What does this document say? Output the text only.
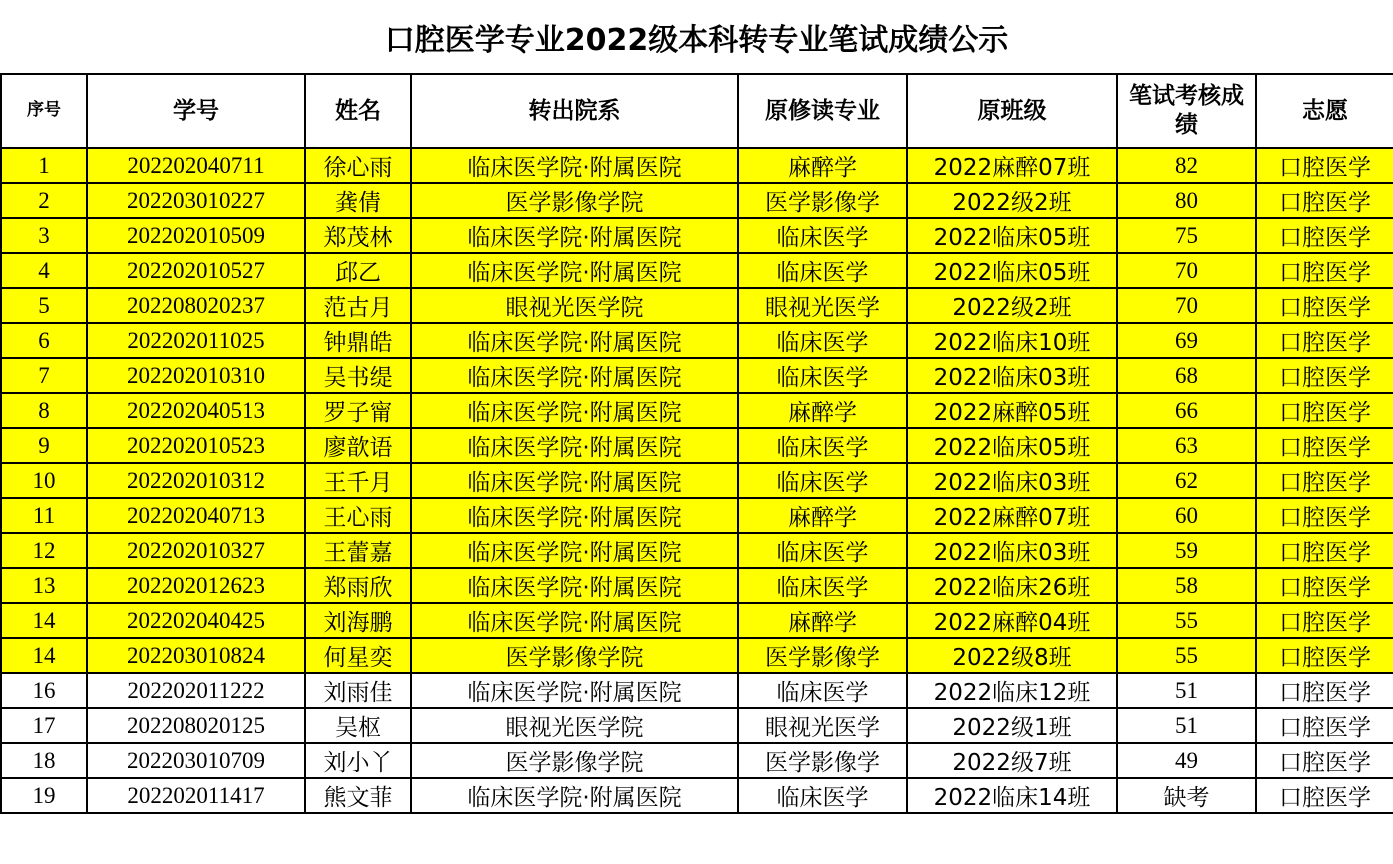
口腔医学专业2022级本科转专业笔试成绩公示
序号	学号	姓名	转出院系	原修读专业	原班级	笔试考核成绩	志愿
1	202202040711	徐心雨	临床医学院·附属医院	麻醉学	2022麻醉07班	82	口腔医学
2	202203010227	龚倩	医学影像学院	医学影像学	2022级2班	80	口腔医学
3	202202010509	郑茂林	临床医学院·附属医院	临床医学	2022临床05班	75	口腔医学
4	202202010527	邱乙	临床医学院·附属医院	临床医学	2022临床05班	70	口腔医学
5	202208020237	范古月	眼视光医学院	眼视光医学	2022级2班	70	口腔医学
6	202202011025	钟鼎皓	临床医学院·附属医院	临床医学	2022临床10班	69	口腔医学
7	202202010310	吴书缇	临床医学院·附属医院	临床医学	2022临床03班	68	口腔医学
8	202202040513	罗子甯	临床医学院·附属医院	麻醉学	2022麻醉05班	66	口腔医学
9	202202010523	廖歆语	临床医学院·附属医院	临床医学	2022临床05班	63	口腔医学
10	202202010312	王千月	临床医学院·附属医院	临床医学	2022临床03班	62	口腔医学
11	202202040713	王心雨	临床医学院·附属医院	麻醉学	2022麻醉07班	60	口腔医学
12	202202010327	王蕾嘉	临床医学院·附属医院	临床医学	2022临床03班	59	口腔医学
13	202202012623	郑雨欣	临床医学院·附属医院	临床医学	2022临床26班	58	口腔医学
14	202202040425	刘海鹏	临床医学院·附属医院	麻醉学	2022麻醉04班	55	口腔医学
14	202203010824	何星奕	医学影像学院	医学影像学	2022级8班	55	口腔医学
16	202202011222	刘雨佳	临床医学院·附属医院	临床医学	2022临床12班	51	口腔医学
17	202208020125	吴枢	眼视光医学院	眼视光医学	2022级1班	51	口腔医学
18	202203010709	刘小丫	医学影像学院	医学影像学	2022级7班	49	口腔医学
19	202202011417	熊文菲	临床医学院·附属医院	临床医学	2022临床14班	缺考	口腔医学
